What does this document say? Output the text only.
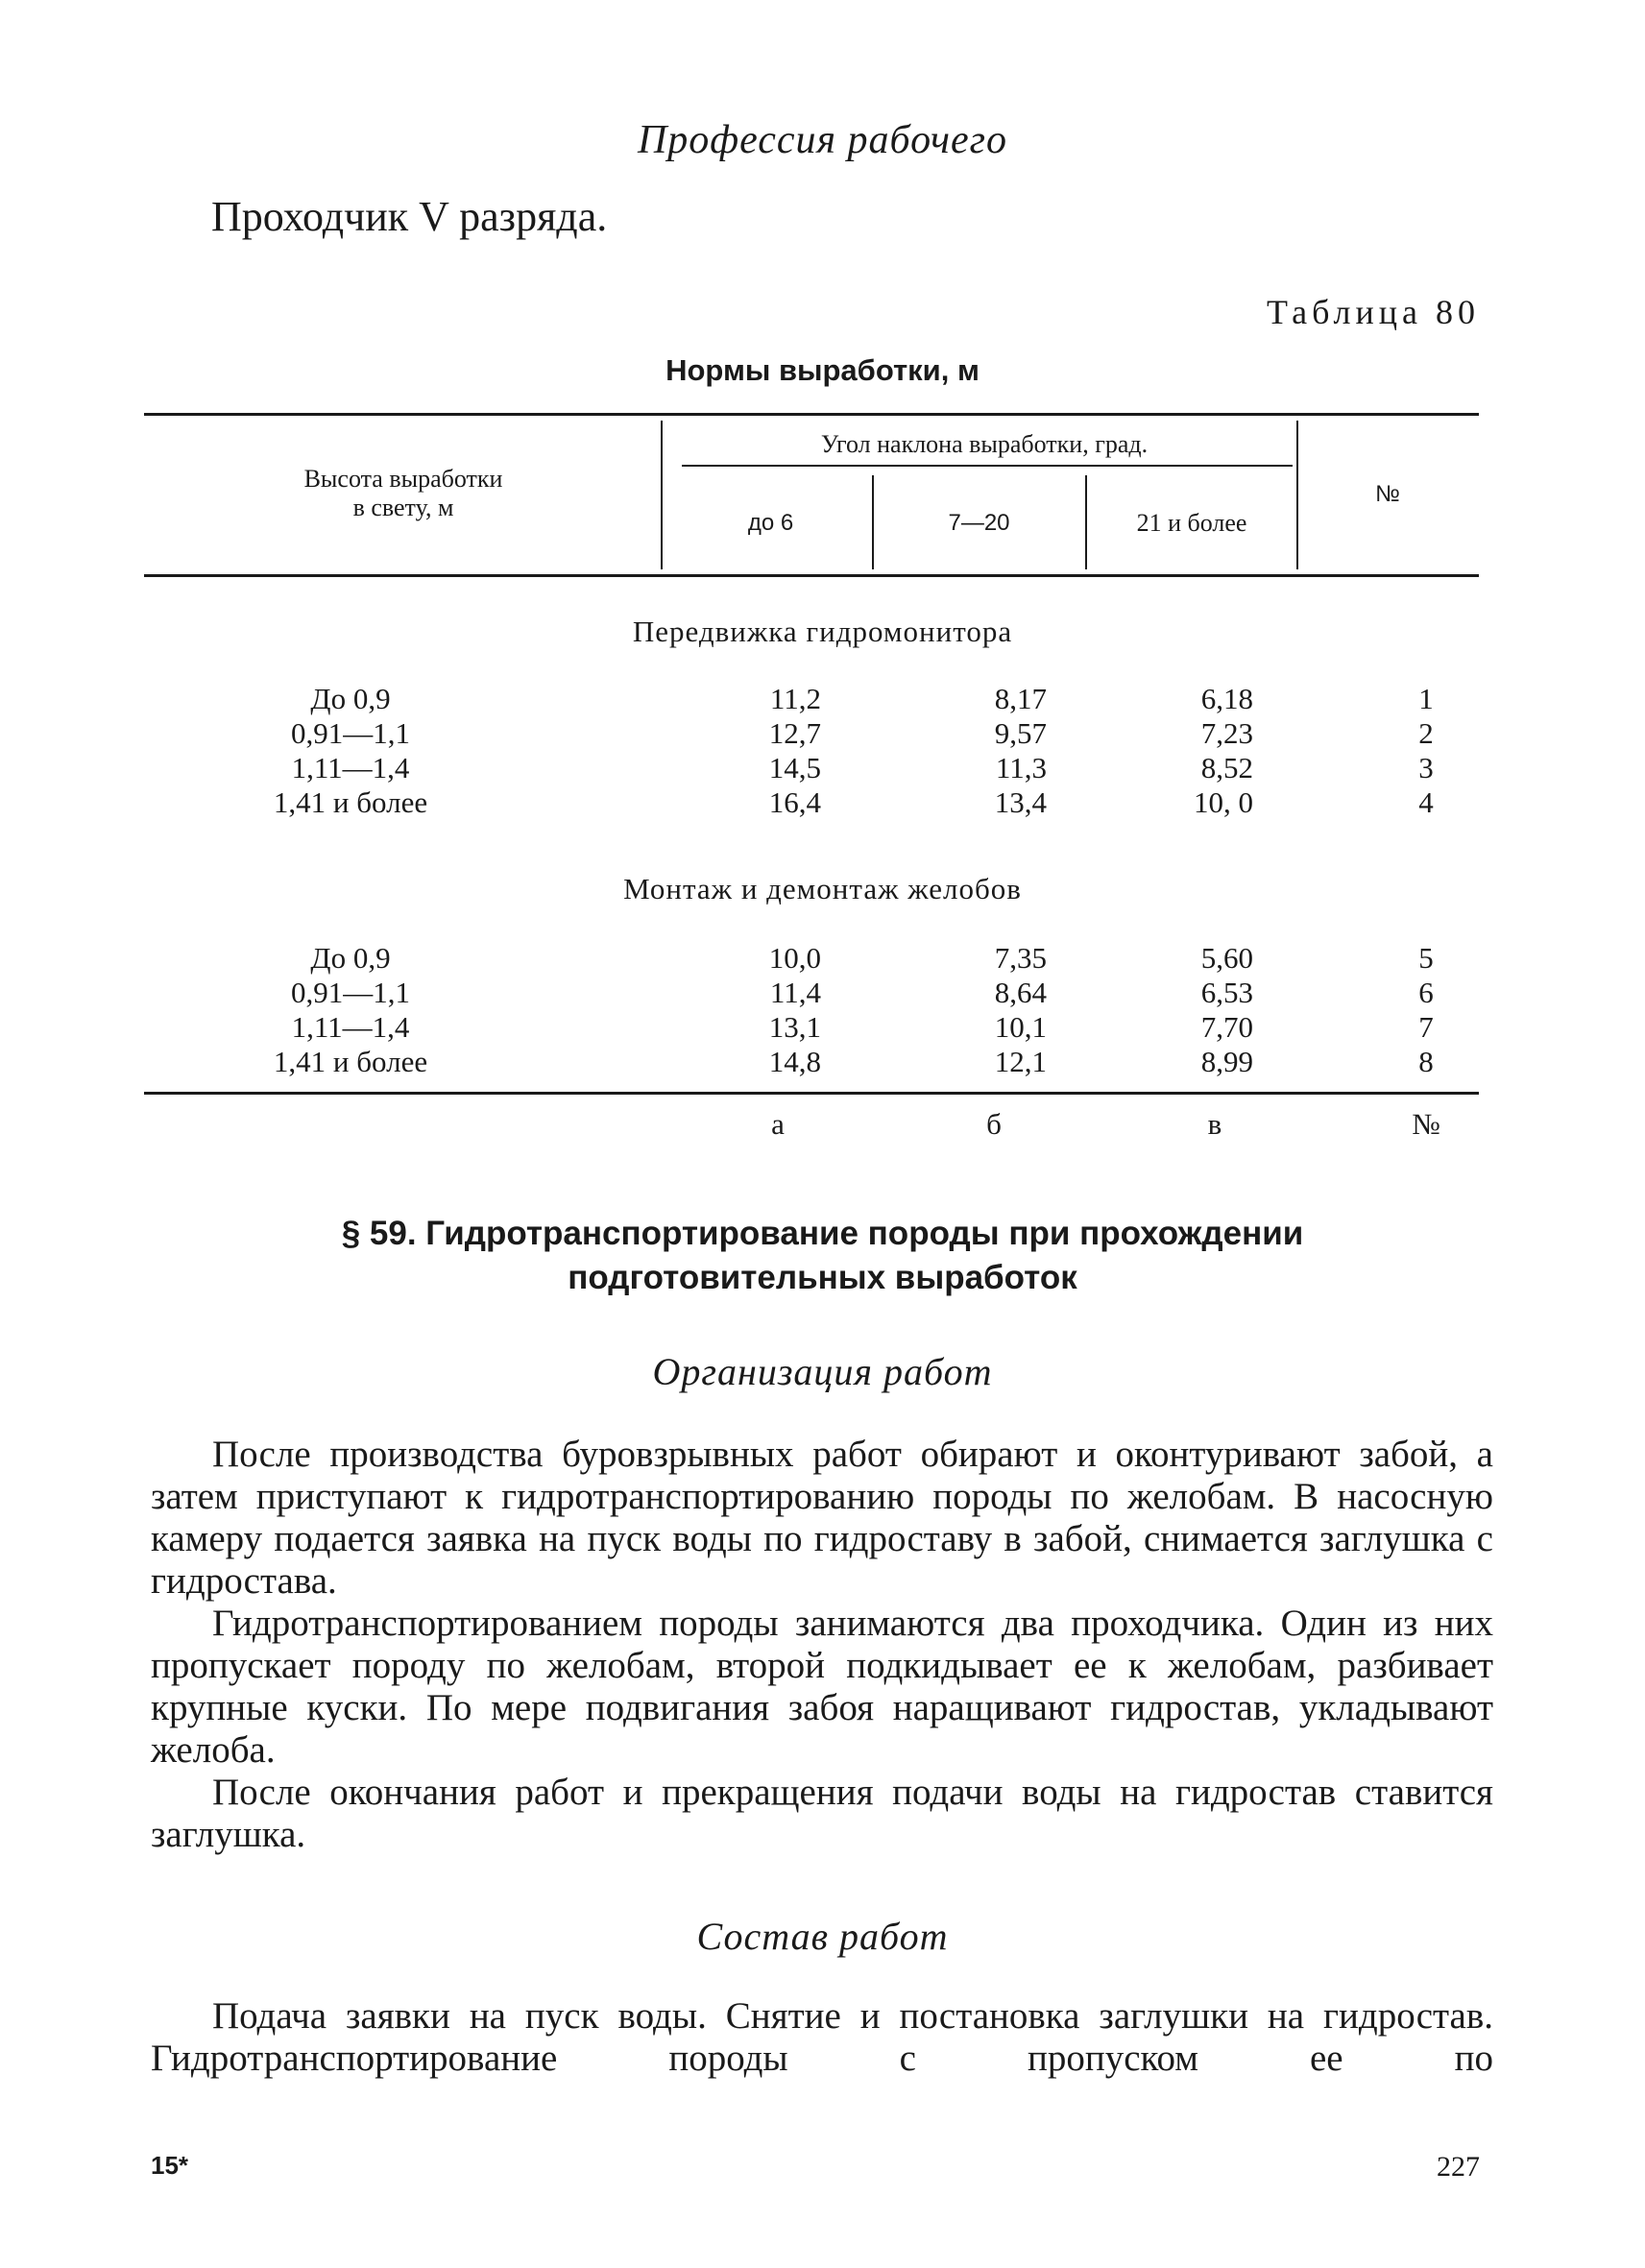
Профессия рабочего
Проходчик V разряда.
Таблица 80
Нормы выработки, м
Высота выработки
в свету, м
Угол наклона выработки, град.
до 6	7—20	21 и более
№
Передвижка гидромонитора
До 0,9	11,2	8,17	6,18	1
0,91—1,1	12,7	9,57	7,23	2
1,11—1,4	14,5	11,3	8,52	3
1,41 и более	16,4	13,4	10, 0	4
Монтаж и демонтаж желобов
До 0,9	10,0	7,35	5,60	5
0,91—1,1	11,4	8,64	6,53	6
1,11—1,4	13,1	10,1	7,70	7
1,41 и более	14,8	12,1	8,99	8
а	б	в	№
§ 59. Гидротранспортирование породы при прохождении
подготовительных выработок
Организация работ

После производства буровзрывных работ обирают и оконтуривают забой, а затем приступают к гидротранспортированию породы по желобам. В насосную камеру подается заявка на пуск воды по гидроставу в забой, снимается заглушка с гидростава.

Гидротранспортированием породы занимаются два проходчика. Один из них пропускает породу по желобам, второй подкидывает ее к желобам, разбивает крупные куски. По мере подвигания забоя наращивают гидростав, укладывают желоба.

После окончания работ и прекращения подачи воды на гидростав ставится заглушка.

Состав работ

Подача заявки на пуск воды. Снятие и постановка заглушки на гидростав. Гидротранспортирование породы с пропуском ее по

15*	227
